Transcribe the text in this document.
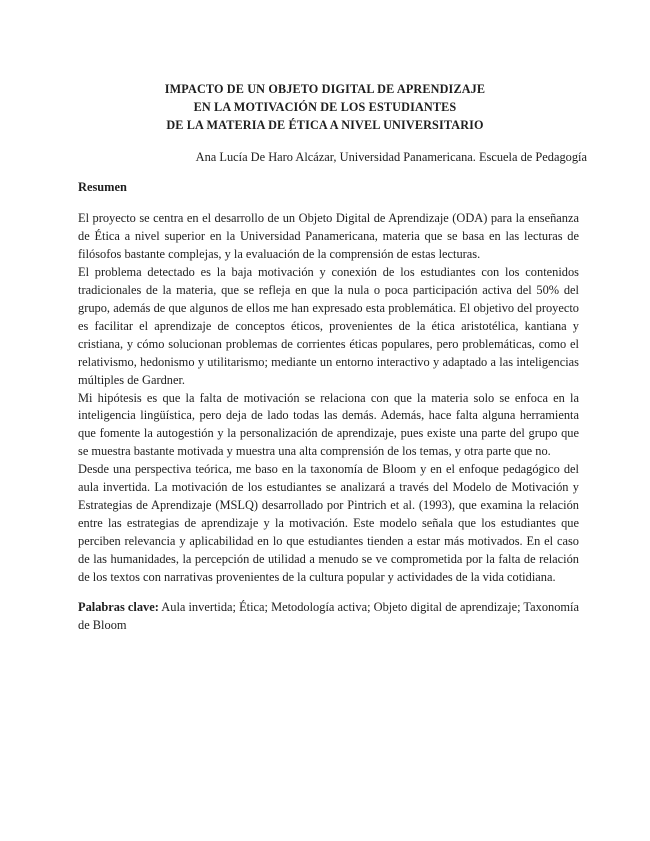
IMPACTO DE UN OBJETO DIGITAL DE APRENDIZAJE
EN LA MOTIVACIÓN DE LOS ESTUDIANTES
DE LA MATERIA DE ÉTICA A NIVEL UNIVERSITARIO
Ana Lucía De Haro Alcázar, Universidad Panamericana. Escuela de Pedagogía
Resumen

El proyecto se centra en el desarrollo de un Objeto Digital de Aprendizaje (ODA) para la enseñanza de Ética a nivel superior en la Universidad Panamericana, materia que se basa en las lecturas de filósofos bastante complejas, y la evaluación de la comprensión de estas lecturas.

El problema detectado es la baja motivación y conexión de los estudiantes con los contenidos tradicionales de la materia, que se refleja en que la nula o poca participación activa del 50% del grupo, además de que algunos de ellos me han expresado esta problemática. El objetivo del proyecto es facilitar el aprendizaje de conceptos éticos, provenientes de la ética aristotélica, kantiana y cristiana, y cómo solucionan problemas de corrientes éticas populares, pero problemáticas, como el relativismo, hedonismo y utilitarismo; mediante un entorno interactivo y adaptado a las inteligencias múltiples de Gardner.

Mi hipótesis es que la falta de motivación se relaciona con que la materia solo se enfoca en la inteligencia lingüística, pero deja de lado todas las demás. Además, hace falta alguna herramienta que fomente la autogestión y la personalización de aprendizaje, pues existe una parte del grupo que se muestra bastante motivada y muestra una alta comprensión de los temas, y otra parte que no.

Desde una perspectiva teórica, me baso en la taxonomía de Bloom y en el enfoque pedagógico del aula invertida. La motivación de los estudiantes se analizará a través del Modelo de Motivación y Estrategias de Aprendizaje (MSLQ) desarrollado por Pintrich et al. (1993), que examina la relación entre las estrategias de aprendizaje y la motivación. Este modelo señala que los estudiantes que perciben relevancia y aplicabilidad en lo que estudiantes tienden a estar más motivados. En el caso de las humanidades, la percepción de utilidad a menudo se ve comprometida por la falta de relación de los textos con narrativas provenientes de la cultura popular y actividades de la vida cotidiana.

Palabras clave: Aula invertida; Ética; Metodología activa; Objeto digital de aprendizaje; Taxonomía de Bloom
